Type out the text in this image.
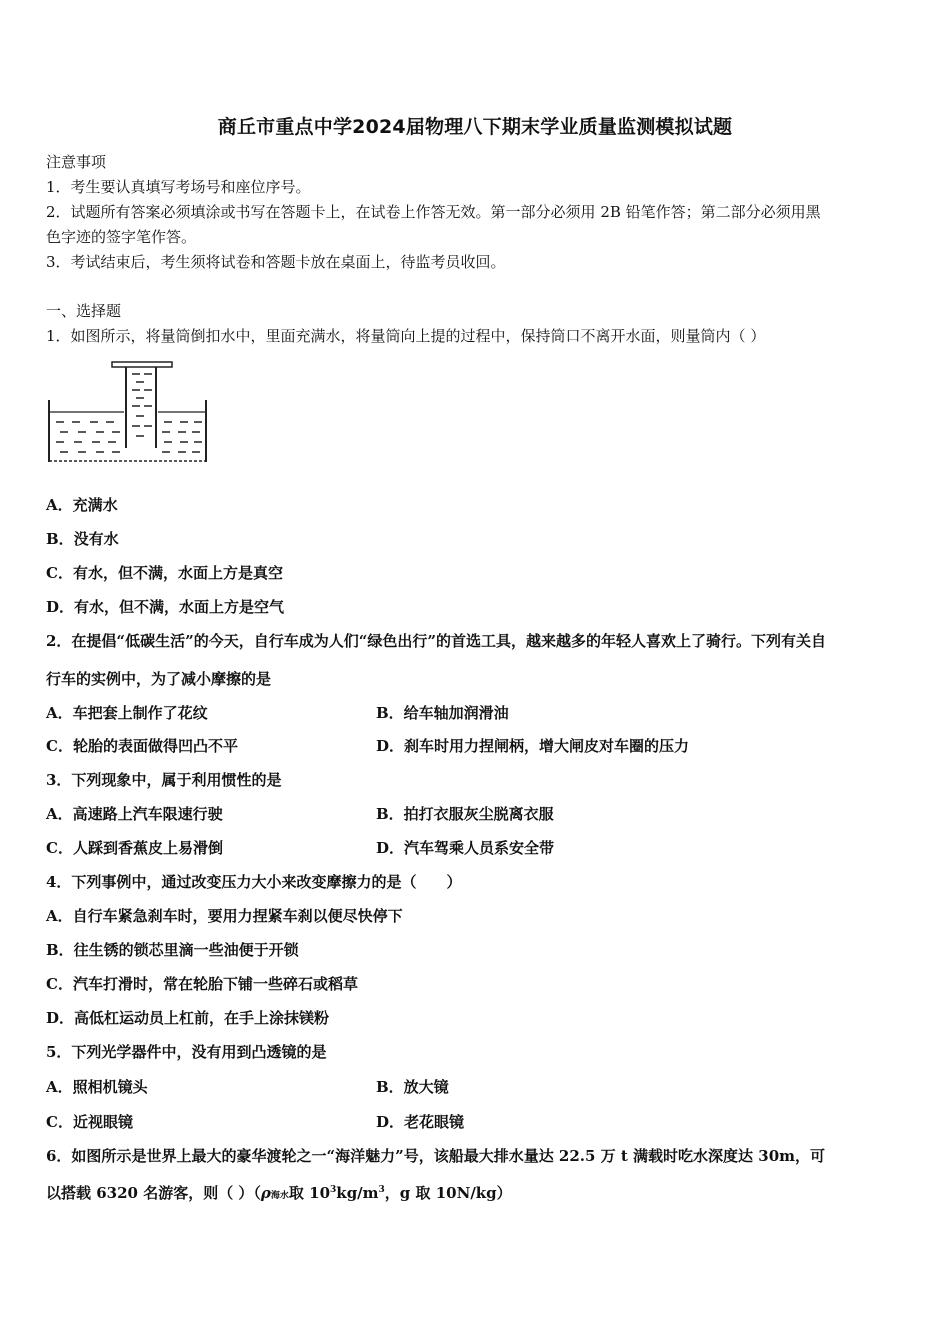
商丘市重点中学2024届物理八下期末学业质量监测模拟试题
注意事项
1．考生要认真填写考场号和座位序号。
2．试题所有答案必须填涂或书写在答题卡上，在试卷上作答无效。第一部分必须用 2B 铅笔作答；第二部分必须用黑
色字迹的签字笔作答。
3．考试结束后，考生须将试卷和答题卡放在桌面上，待监考员收回。
一、选择题
1．如图所示，将量筒倒扣水中，里面充满水，将量筒向上提的过程中，保持筒口不离开水面，则量筒内（ ）
A．充满水
B．没有水
C．有水，但不满，水面上方是真空
D．有水，但不满，水面上方是空气
2．在提倡“低碳生活”的今天，自行车成为人们“绿色出行”的首选工具，越来越多的年轻人喜欢上了骑行。下列有关自
行车的实例中，为了减小摩擦的是
A．车把套上制作了花纹	B．给车轴加润滑油
C．轮胎的表面做得凹凸不平	D．刹车时用力捏闸柄，增大闸皮对车圈的压力
3．下列现象中，属于利用惯性的是
A．高速路上汽车限速行驶	B．拍打衣服灰尘脱离衣服
C．人踩到香蕉皮上易滑倒	D．汽车驾乘人员系安全带
4．下列事例中，通过改变压力大小来改变摩擦力的是（　　）
A．自行车紧急刹车时，要用力捏紧车刹以便尽快停下
B．往生锈的锁芯里滴一些油便于开锁
C．汽车打滑时，常在轮胎下铺一些碎石或稻草
D．高低杠运动员上杠前，在手上涂抹镁粉
5．下列光学器件中，没有用到凸透镜的是
A．照相机镜头	B．放大镜
C．近视眼镜	D．老花眼镜
6．如图所示是世界上最大的豪华渡轮之一“海洋魅力”号，该船最大排水量达 22.5 万 t 满载时吃水深度达 30m，可
以搭载 6320 名游客，则（ ）（ρ海水取 $10^3kg/m^3$，g 取 10N/kg）
